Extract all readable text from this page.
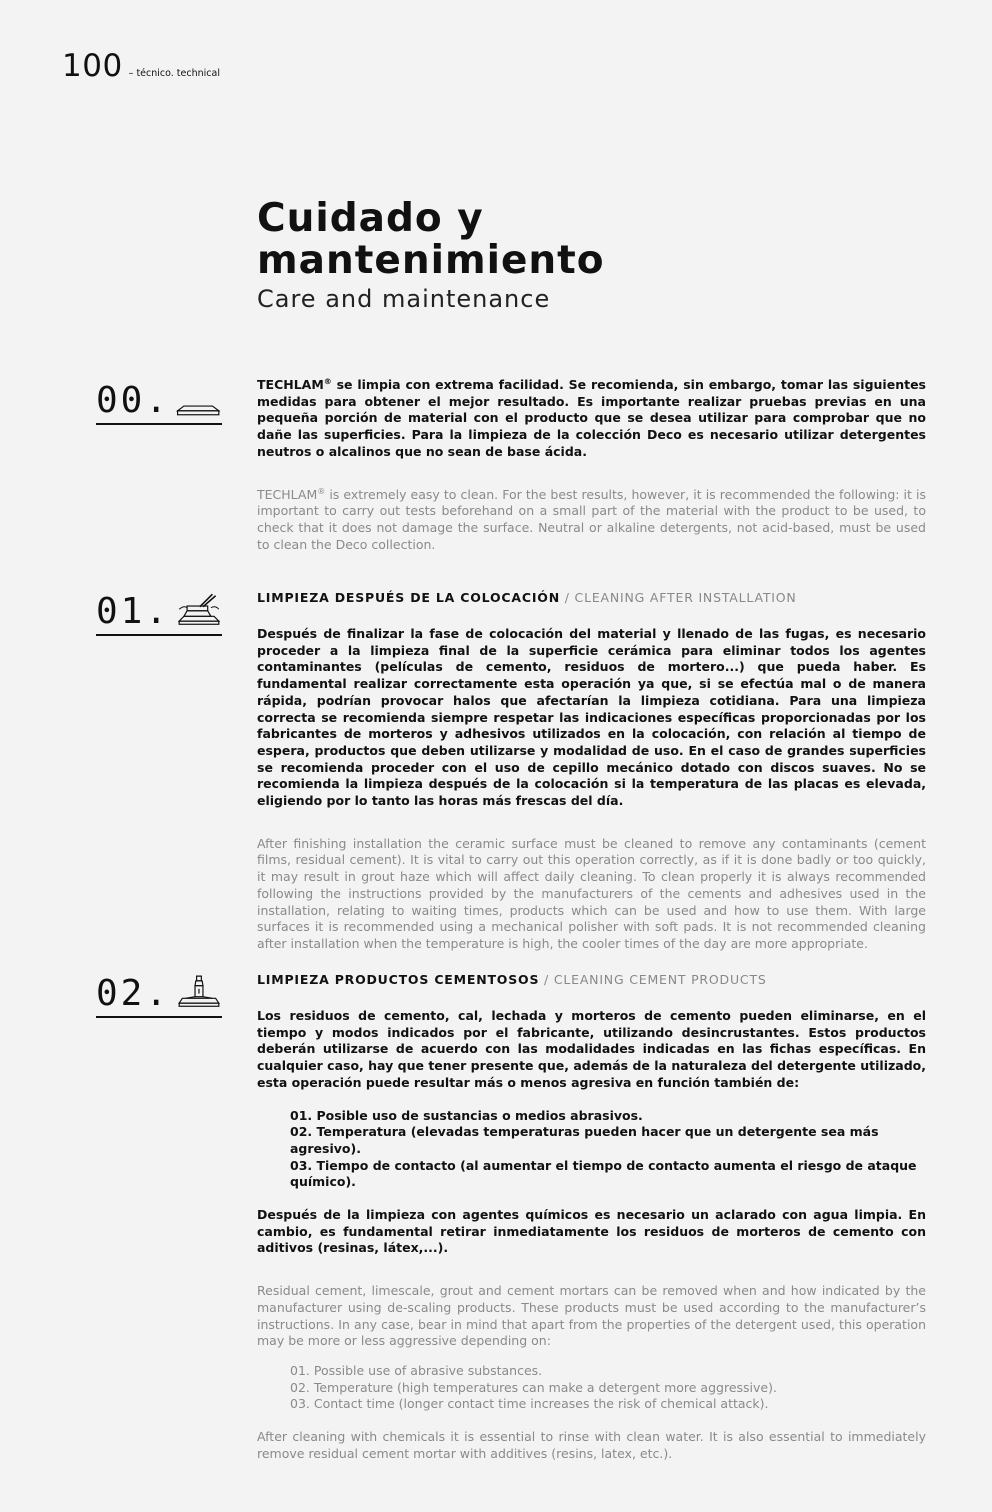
100 – técnico. technical
Cuidado y
mantenimiento
Care and maintenance
00.	TECHLAM® se limpia con extrema facilidad. Se recomienda, sin embargo, tomar las siguientes medidas para obtener el mejor resultado. Es importante realizar pruebas previas en una pequeña porción de material con el producto que se desea utilizar para comprobar que no dañe las superficies. Para la limpieza de la colección Deco es necesario utilizar detergentes neutros o alcalinos que no sean de base ácida.

TECHLAM® is extremely easy to clean. For the best results, however, it is recommended the following: it is important to carry out tests beforehand on a small part of the material with the product to be used, to check that it does not damage the surface. Neutral or alkaline detergents, not acid-based, must be used to clean the Deco collection.

01.	LIMPIEZA DESPUÉS DE LA COLOCACIÓN / CLEANING AFTER INSTALLATION

Después de finalizar la fase de colocación del material y llenado de las fugas, es necesario proceder a la limpieza final de la superficie cerámica para eliminar todos los agentes contaminantes (películas de cemento, residuos de mortero...) que pueda haber. Es fundamental realizar correctamente esta operación ya que, si se efectúa mal o de manera rápida, podrían provocar halos que afectarían la limpieza cotidiana. Para una limpieza correcta se recomienda siempre respetar las indicaciones específicas proporcionadas por los fabricantes de morteros y adhesivos utilizados en la colocación, con relación al tiempo de espera, productos que deben utilizarse y modalidad de uso. En el caso de grandes superficies se recomienda proceder con el uso de cepillo mecánico dotado con discos suaves. No se recomienda la limpieza después de la colocación si la temperatura de las placas es elevada, eligiendo por lo tanto las horas más frescas del día.

After finishing installation the ceramic surface must be cleaned to remove any contaminants (cement films, residual cement). It is vital to carry out this operation correctly, as if it is done badly or too quickly, it may result in grout haze which will affect daily cleaning. To clean properly it is always recommended following the instructions provided by the manufacturers of the cements and adhesives used in the installation, relating to waiting times, products which can be used and how to use them. With large surfaces it is recommended using a mechanical polisher with soft pads. It is not recommended cleaning after installation when the temperature is high, the cooler times of the day are more appropriate.

02.	LIMPIEZA PRODUCTOS CEMENTOSOS / CLEANING CEMENT PRODUCTS

Los residuos de cemento, cal, lechada y morteros de cemento pueden eliminarse, en el tiempo y modos indicados por el fabricante, utilizando desincrustantes. Estos productos deberán utilizarse de acuerdo con las modalidades indicadas en las fichas específicas. En cualquier caso, hay que tener presente que, además de la naturaleza del detergente utilizado, esta operación puede resultar más o menos agresiva en función también de:

01. Posible uso de sustancias o medios abrasivos.
02. Temperatura (elevadas temperaturas pueden hacer que un detergente sea más agresivo).
03. Tiempo de contacto (al aumentar el tiempo de contacto aumenta el riesgo de ataque químico).

Después de la limpieza con agentes químicos es necesario un aclarado con agua limpia. En cambio, es fundamental retirar inmediatamente los residuos de morteros de cemento con aditivos (resinas, látex,...).

Residual cement, limescale, grout and cement mortars can be removed when and how indicated by the manufacturer using de-scaling products. These products must be used according to the manufacturer’s instructions. In any case, bear in mind that apart from the properties of the detergent used, this operation may be more or less aggressive depending on:

01. Possible use of abrasive substances.
02. Temperature (high temperatures can make a detergent more aggressive).
03. Contact time (longer contact time increases the risk of chemical attack).

After cleaning with chemicals it is essential to rinse with clean water. It is also essential to immediately remove residual cement mortar with additives (resins, latex, etc.).
